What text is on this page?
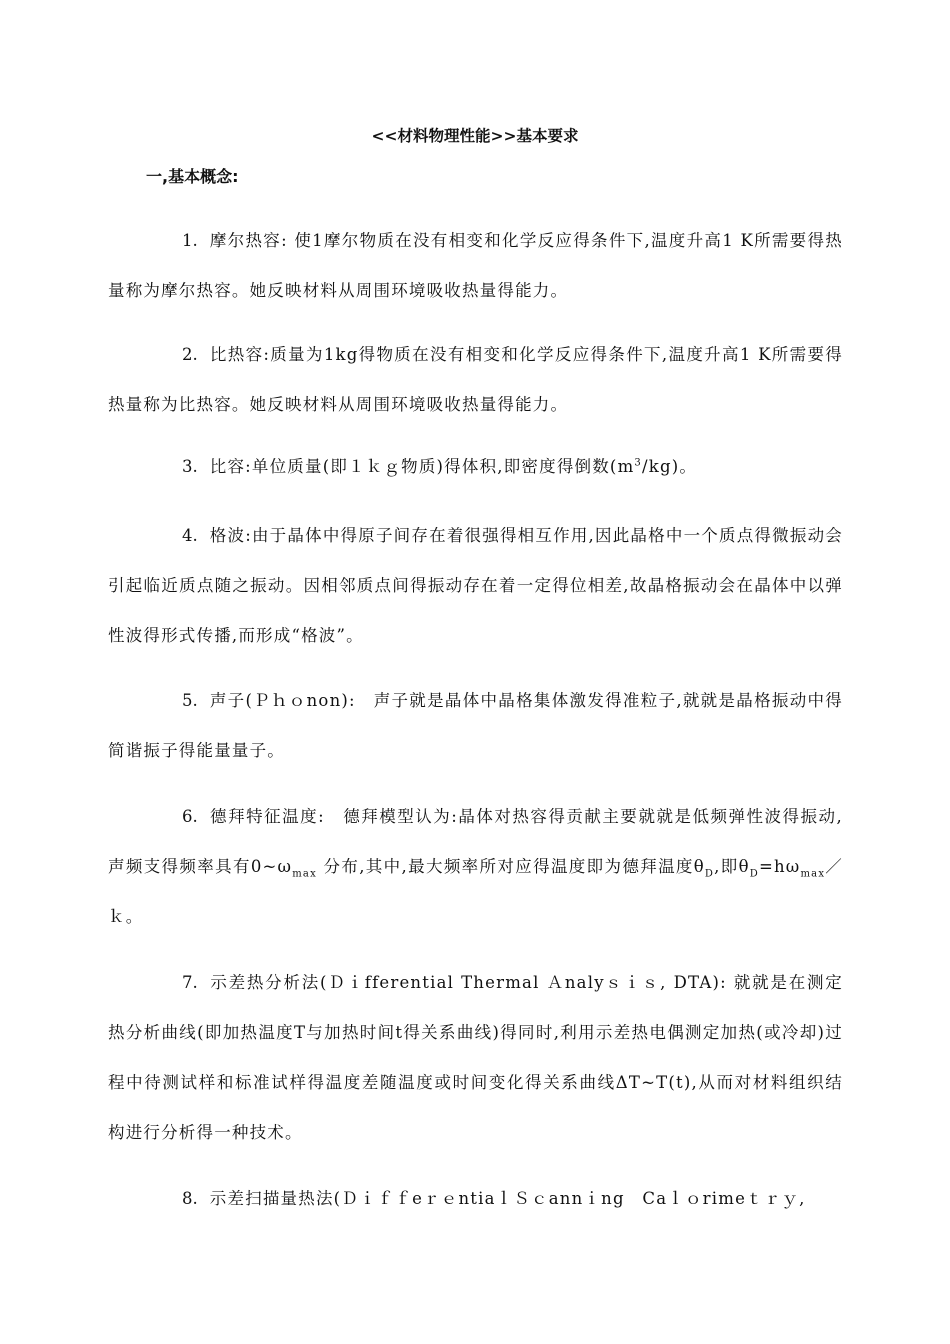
<<材料物理性能>>基本要求

一,基本概念:

1. 摩尔热容: 使1摩尔物质在没有相变和化学反应得条件下,温度升高1 K所需要得热量称为摩尔热容。她反映材料从周围环境吸收热量得能力。

2. 比热容:质量为1kg得物质在没有相变和化学反应得条件下,温度升高1 K所需要得热量称为比热容。她反映材料从周围环境吸收热量得能力。

3. 比容:单位质量(即１ｋｇ物质)得体积,即密度得倒数$(m^3/kg)$。

4. 格波:由于晶体中得原子间存在着很强得相互作用,因此晶格中一个质点得微振动会引起临近质点随之振动。因相邻质点间得振动存在着一定得位相差,故晶格振动会在晶体中以弹性波得形式传播,而形成“格波”。

5. 声子(Ｐｈｏnon):　声子就是晶体中晶格集体激发得准粒子,就就是晶格振动中得简谐振子得能量量子。

6. 德拜特征温度:　德拜模型认为:晶体对热容得贡献主要就就是低频弹性波得振动,声频支得频率具有$0\sim\omega_{max}$ 分布,其中,最大频率所对应得温度即为德拜温度$\theta_D$,即$\theta_D=h\omega_{max}/k$。

7. 示差热分析法(Ｄｉfferential Thermal Ａnalyｓｉｓ, DTA): 就就是在测定热分析曲线(即加热温度T与加热时间t得关系曲线)得同时,利用示差热电偶测定加热(或冷却)过程中待测试样和标准试样得温度差随温度或时间变化得关系曲线ΔT~T(t),从而对材料组织结构进行分析得一种技术。

8. 示差扫描量热法(ＤｉｆｆeｒｅntiaｌＳｃannｉng　Caｌｏrimeｔｒｙ,
